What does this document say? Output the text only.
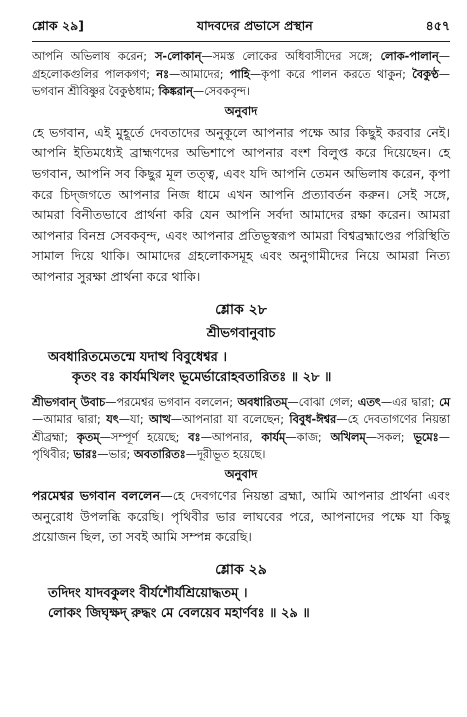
শ্লোক ২৯]	যাদবদের প্রভাসে প্রস্থান	৪৫৭

আপনি অভিলাষ করেন; স-লোকান্‌—সমস্ত লোকের অধিবাসীদের সঙ্গে; লোক-পালান্‌—গ্রহলোকগুলির পালকগণ; নঃ—আমাদের; পাহি—কৃপা করে পালন করতে থাকুন; বৈকুণ্ঠ—ভগবান শ্রীবিষ্ণুর বৈকুণ্ঠধাম; কিঙ্করান্‌—সেবকবৃন্দ।

অনুবাদ

হে ভগবান, এই মুহূর্তে দেবতাদের অনুকূলে আপনার পক্ষে আর কিছুই করবার নেই। আপনি ইতিমধ্যেই ব্রাহ্মণদের অভিশাপে আপনার বংশ বিলুপ্ত করে দিয়েছেন। হে ভগবান, আপনি সব কিছুর মূল তত্ত্ব, এবং যদি আপনি তেমন অভিলাষ করেন, কৃপা করে চিদ্‌জগতে আপনার নিজ ধামে এখন আপনি প্রত্যাবর্তন করুন। সেই সঙ্গে, আমরা বিনীতভাবে প্রার্থনা করি যেন আপনি সর্বদা আমাদের রক্ষা করেন। আমরা আপনার বিনম্র সেবকবৃন্দ, এবং আপনার প্রতিভূস্বরূপ আমরা বিশ্বব্রহ্মাণ্ডের পরিস্থিতি সামাল দিয়ে থাকি। আমাদের গ্রহলোকসমূহ এবং অনুগামীদের নিয়ে আমরা নিত্য আপনার সুরক্ষা প্রার্থনা করে থাকি।

শ্লোক ২৮
শ্রীভগবানুবাচ
অবধারিতমেতন্মে যদাত্থ বিবুধেশ্বর ।
কৃতং বঃ কার্যমখিলং ভূমের্ভারোহবতারিতঃ ॥ ২৮ ॥

শ্রীভগবান্‌ উবাচ—পরমেশ্বর ভগবান বললেন; অবধারিতম্‌—বোঝা গেল; এতৎ—এর দ্বারা; মে—আমার দ্বারা; যৎ—যা; আত্থ—আপনারা যা বলেছেন; বিবুধ-ঈশ্বর—হে দেবতাগণের নিয়ন্তা শ্রীব্রহ্মা; কৃতম্‌—সম্পূর্ণ হয়েছে; বঃ—আপনার, কার্যম্‌—কাজ; অখিলম্‌—সকল; ভূমেঃ—পৃথিবীর; ভারঃ—ভার; অবতারিতঃ—দূরীভূত হয়েছে।

অনুবাদ

পরমেশ্বর ভগবান বললেন—হে দেবগণের নিয়ন্তা ব্রহ্মা, আমি আপনার প্রার্থনা এবং অনুরোধ উপলব্ধি করেছি। পৃথিবীর ভার লাঘবের পরে, আপনাদের পক্ষে যা কিছু প্রয়োজন ছিল, তা সবই আমি সম্পন্ন করেছি।

শ্লোক ২৯
তদিদং যাদবকুলং বীর্যশৌর্যশ্রিয়োদ্ধতম্‌ ।
লোকং জিঘৃক্ষদ্‌ রুদ্ধং মে বেলয়েব মহার্ণবঃ ॥ ২৯ ॥
